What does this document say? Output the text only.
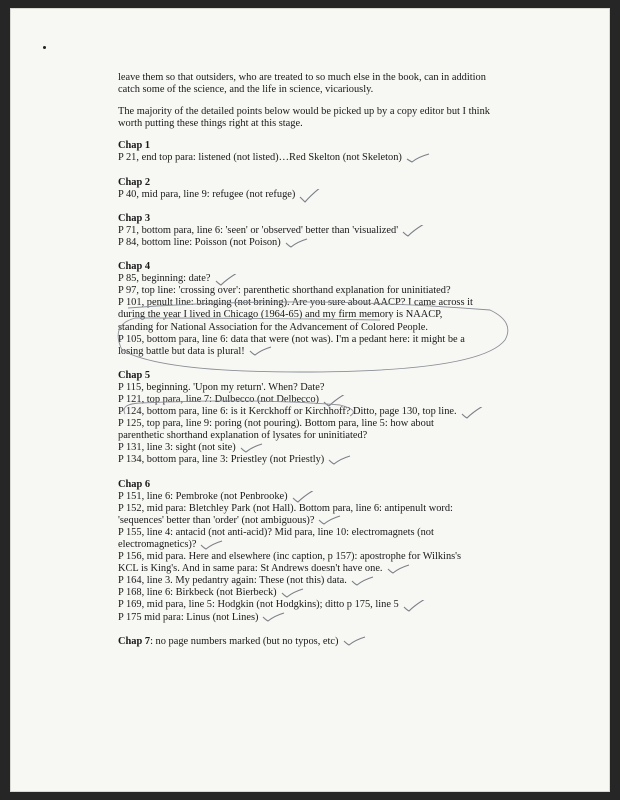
leave them so that outsiders, who are treated to so much else in the book, can in addition catch some of the science, and the life in science, vicariously.

The majority of the detailed points below would be picked up by a copy editor but I think worth putting these things right at this stage.

Chap 1
P 21, end top para: listened (not listed)…Red Skelton (not Skeleton)
Chap 2
P 40, mid para, line 9: refugee (not refuge)
Chap 3
P 71, bottom para, line 6: 'seen' or 'observed' better than 'visualized'
P 84, bottom line: Poisson (not Poison)
Chap 4
P 85, beginning: date?
P 97, top line: 'crossing over': parenthetic shorthand explanation for uninitiated?
P 101, penult line: bringing (not brining). Are you sure about AACP? I came across it
during the year I lived in Chicago (1964-65) and my firm memory is NAACP,
standing for National Association for the Advancement of Colored People.
P 105, bottom para, line 6: data that were (not was). I'm a pedant here: it might be a
losing battle but data is plural!
Chap 5
P 115, beginning. 'Upon my return'. When? Date?
P 121, top para, line 7: Dulbecco (not Delbecco)
P 124, bottom para, line 6: is it Kerckhoff or Kirchhoff? Ditto, page 130, top line.
P 125, top para, line 9: poring (not pouring). Bottom para, line 5: how about
parenthetic shorthand explanation of lysates for uninitiated?
P 131, line 3: sight (not site)
P 134, bottom para, line 3: Priestley (not Priestly)
Chap 6
P 151, line 6: Pembroke (not Penbrooke)
P 152, mid para: Bletchley Park (not Hall). Bottom para, line 6: antipenult word:
'sequences' better than 'order' (not ambiguous)?
P 155, line 4: antacid (not anti-acid)? Mid para, line 10: electromagnets (not
electromagnetics)?
P 156, mid para. Here and elsewhere (inc caption, p 157): apostrophe for Wilkins's
KCL is King's. And in same para: St Andrews doesn't have one.
P 164, line 3. My pedantry again: These (not this) data.
P 168, line 6: Birkbeck (not Bierbeck)
P 169, mid para, line 5: Hodgkin (not Hodgkins); ditto p 175, line 5
P 175 mid para: Linus (not Lines)
Chap 7: no page numbers marked (but no typos, etc)
